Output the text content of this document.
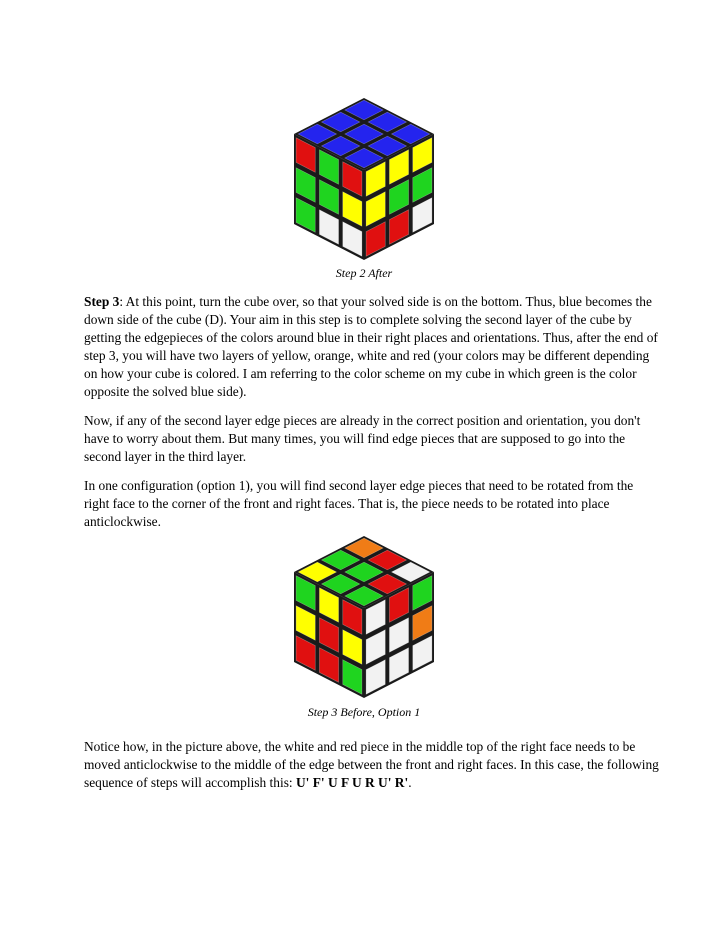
Step 2 After

Step 3: At this point, turn the cube over, so that your solved side is on the bottom. Thus, blue becomes the down side of the cube (D). Your aim in this step is to complete solving the second layer of the cube by getting the edgepieces of the colors around blue in their right places and orientations. Thus, after the end of step 3, you will have two layers of yellow, orange, white and red (your colors may be different depending on how your cube is colored. I am referring to the color scheme on my cube in which green is the color opposite the solved blue side).

Now, if any of the second layer edge pieces are already in the correct position and orientation, you don't have to worry about them. But many times, you will find edge pieces that are supposed to go into the second layer in the third layer.

In one configuration (option 1), you will find second layer edge pieces that need to be rotated from the right face to the corner of the front and right faces. That is, the piece needs to be rotated into place anticlockwise.

Step 3 Before, Option 1

Notice how, in the picture above, the white and red piece in the middle top of the right face needs to be moved anticlockwise to the middle of the edge between the front and right faces. In this case, the following sequence of steps will accomplish this: U' F' U F U R U' R'.
